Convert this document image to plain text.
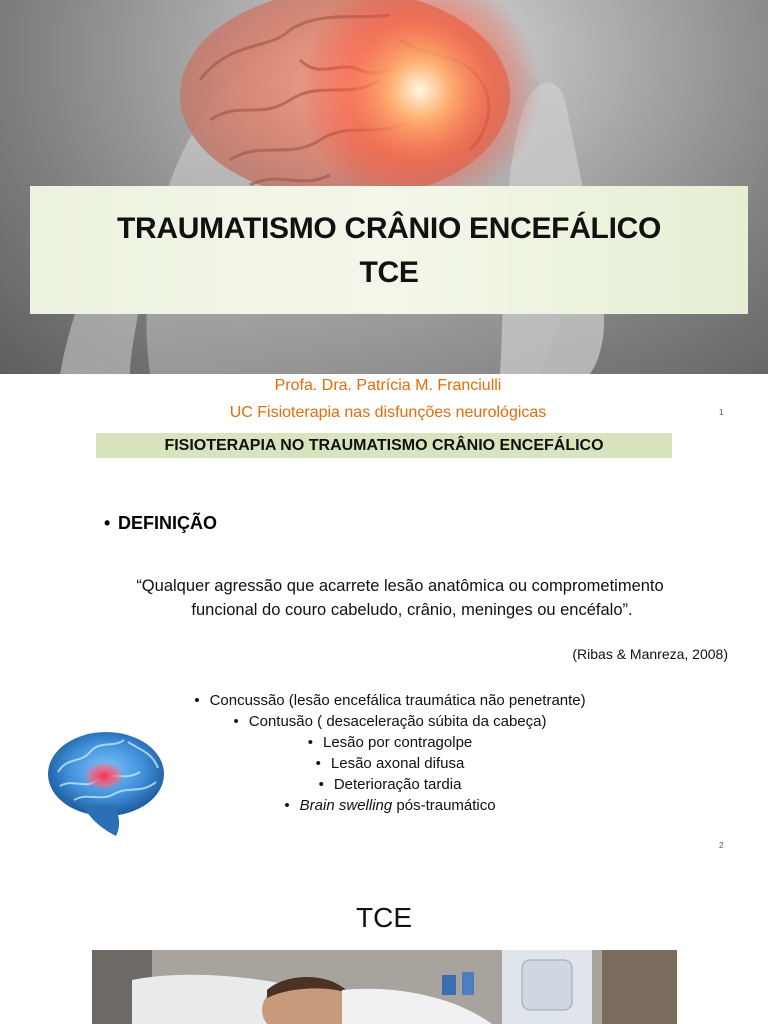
TRAUMATISMO CRÂNIO ENCEFÁLICO
TCE
Profa. Dra. Patrícia M. Franciulli
UC Fisioterapia nas disfunções neurológicas	1
FISIOTERAPIA NO TRAUMATISMO CRÂNIO ENCEFÁLICO
• DEFINIÇÃO
“Qualquer agressão que acarrete lesão anatômica ou comprometimento
funcional do couro cabeludo, crânio, meninges ou encéfalo”.
(Ribas & Manreza, 2008)
• Concussão (lesão encefálica traumática não penetrante)
• Contusão ( desaceleração súbita da cabeça)
• Lesão por contragolpe
• Lesão axonal difusa
• Deterioração tardia
• Brain swelling pós-traumático
2
TCE
